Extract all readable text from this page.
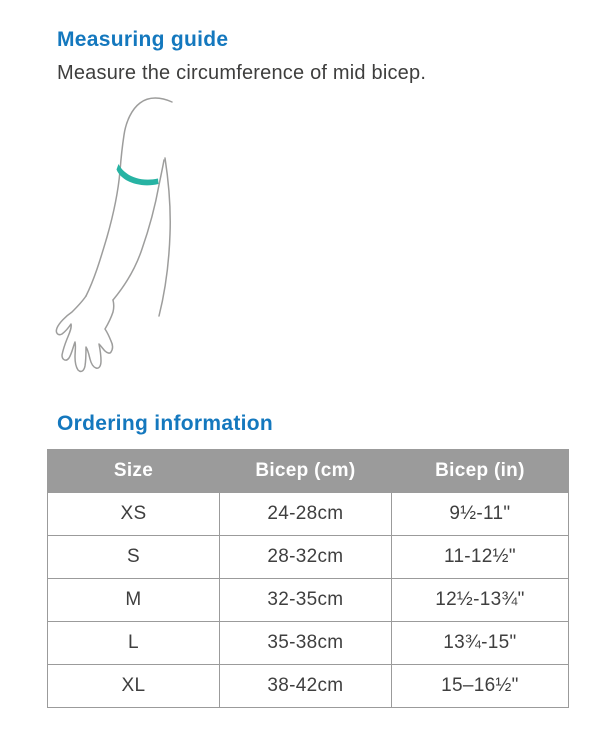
Measuring guide

Measure the circumference of mid bicep.

Ordering information
Size	Bicep (cm)	Bicep (in)
XS	24-28cm	9½-11"
S	28-32cm	11-12½"
M	32-35cm	12½-13¾"
L	35-38cm	13¾-15"
XL	38-42cm	15–16½"
